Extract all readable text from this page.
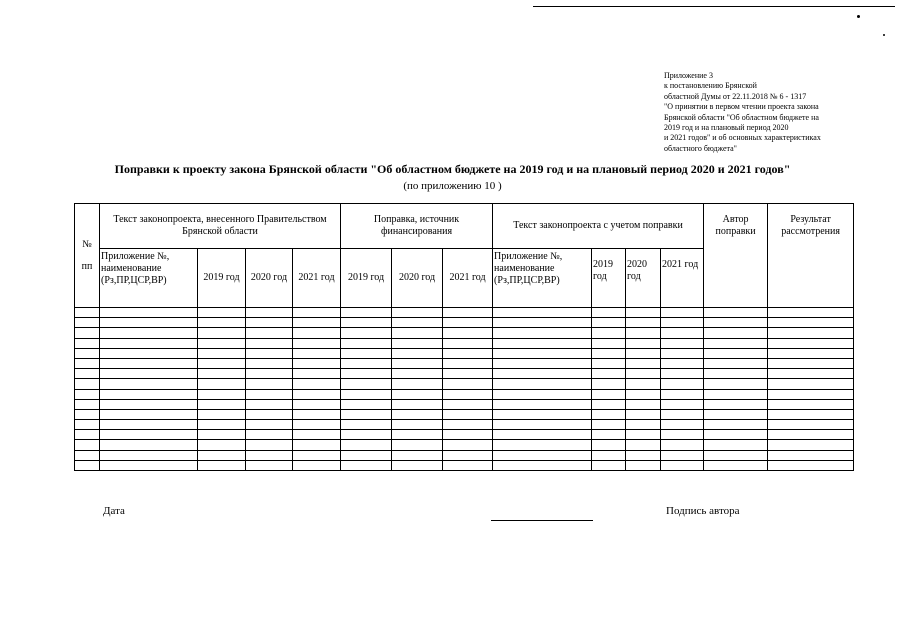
Приложение 3
к постановлению Брянской
областной Думы от 22.11.2018 № 6 - 1317
"О принятии в первом чтении проекта закона
Брянской области "Об областном бюджете на
2019 год и на плановый период 2020
и 2021 годов" и об основных характеристиках
областного бюджета"
Поправки к проекту закона Брянской области "Об областном бюджете на 2019 год и на плановый период 2020 и 2021 годов"
(по приложению 10 )
№
пп	Текст законопроекта, внесенного Правительством Брянской области				Поправка, источник финансирования			Текст законопроекта с учетом поправки				Автор поправки	Результат рассмотрения
	Приложение №, наименование (Рз,ПР,ЦСР,ВР)	2019 год	2020 год	2021 год	2019 год	2020 год	2021 год	Приложение №, наименование (Рз,ПР,ЦСР,ВР)	2019 год	2020 год	2021 год		

Дата	Подпись автора
